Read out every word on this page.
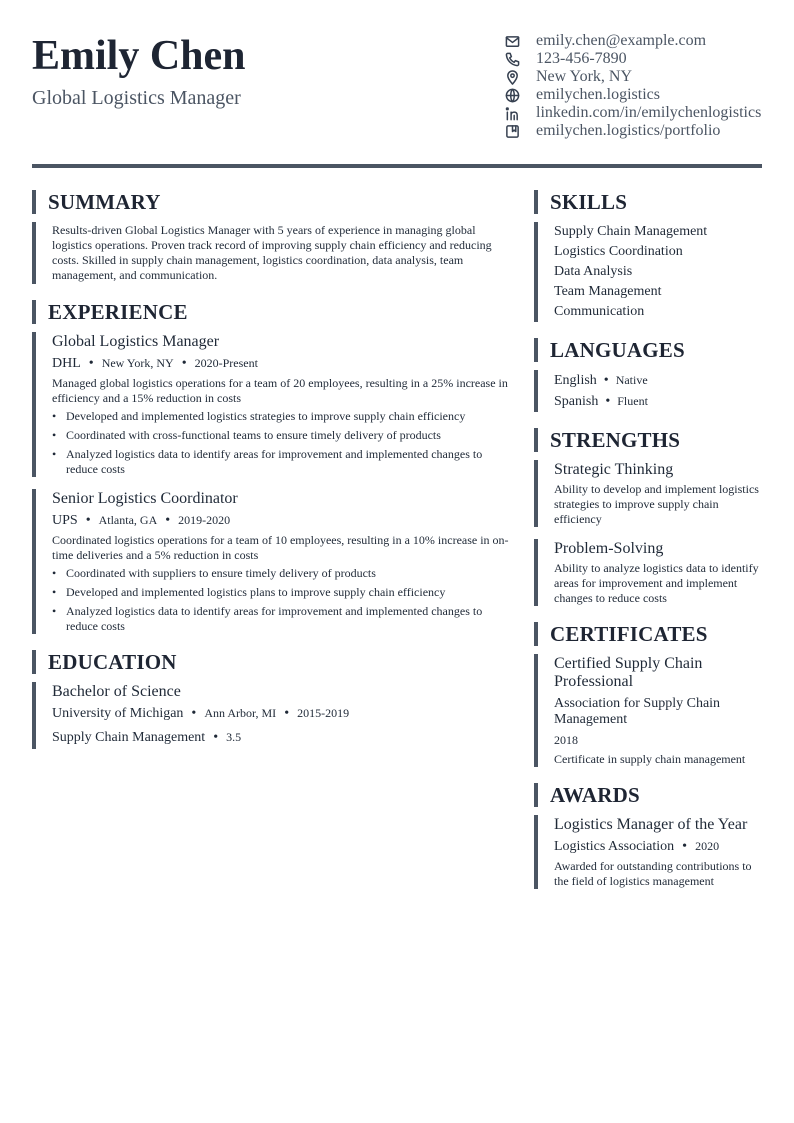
Emily Chen
Global Logistics Manager
emily.chen@example.com
123-456-7890
New York, NY
emilychen.logistics
linkedin.com/in/emilychenlogistics
emilychen.logistics/portfolio
SUMMARY
Results-driven Global Logistics Manager with 5 years of experience in managing global logistics operations. Proven track record of improving supply chain efficiency and reducing costs. Skilled in supply chain management, logistics coordination, data analysis, team management, and communication.
EXPERIENCE
Global Logistics Manager
DHL • New York, NY • 2020-Present
Managed global logistics operations for a team of 20 employees, resulting in a 25% increase in efficiency and a 15% reduction in costs
• Developed and implemented logistics strategies to improve supply chain efficiency
• Coordinated with cross-functional teams to ensure timely delivery of products
• Analyzed logistics data to identify areas for improvement and implemented changes to reduce costs
Senior Logistics Coordinator
UPS • Atlanta, GA • 2019-2020
Coordinated logistics operations for a team of 10 employees, resulting in a 10% increase in on-time deliveries and a 5% reduction in costs
• Coordinated with suppliers to ensure timely delivery of products
• Developed and implemented logistics plans to improve supply chain efficiency
• Analyzed logistics data to identify areas for improvement and implemented changes to reduce costs
EDUCATION
Bachelor of Science
University of Michigan • Ann Arbor, MI • 2015-2019
Supply Chain Management • 3.5
SKILLS
Supply Chain Management
Logistics Coordination
Data Analysis
Team Management
Communication
LANGUAGES
English • Native
Spanish • Fluent
STRENGTHS
Strategic Thinking
Ability to develop and implement logistics strategies to improve supply chain efficiency
Problem-Solving
Ability to analyze logistics data to identify areas for improvement and implement changes to reduce costs
CERTIFICATES
Certified Supply Chain Professional
Association for Supply Chain Management
2018
Certificate in supply chain management
AWARDS
Logistics Manager of the Year
Logistics Association • 2020
Awarded for outstanding contributions to the field of logistics management
